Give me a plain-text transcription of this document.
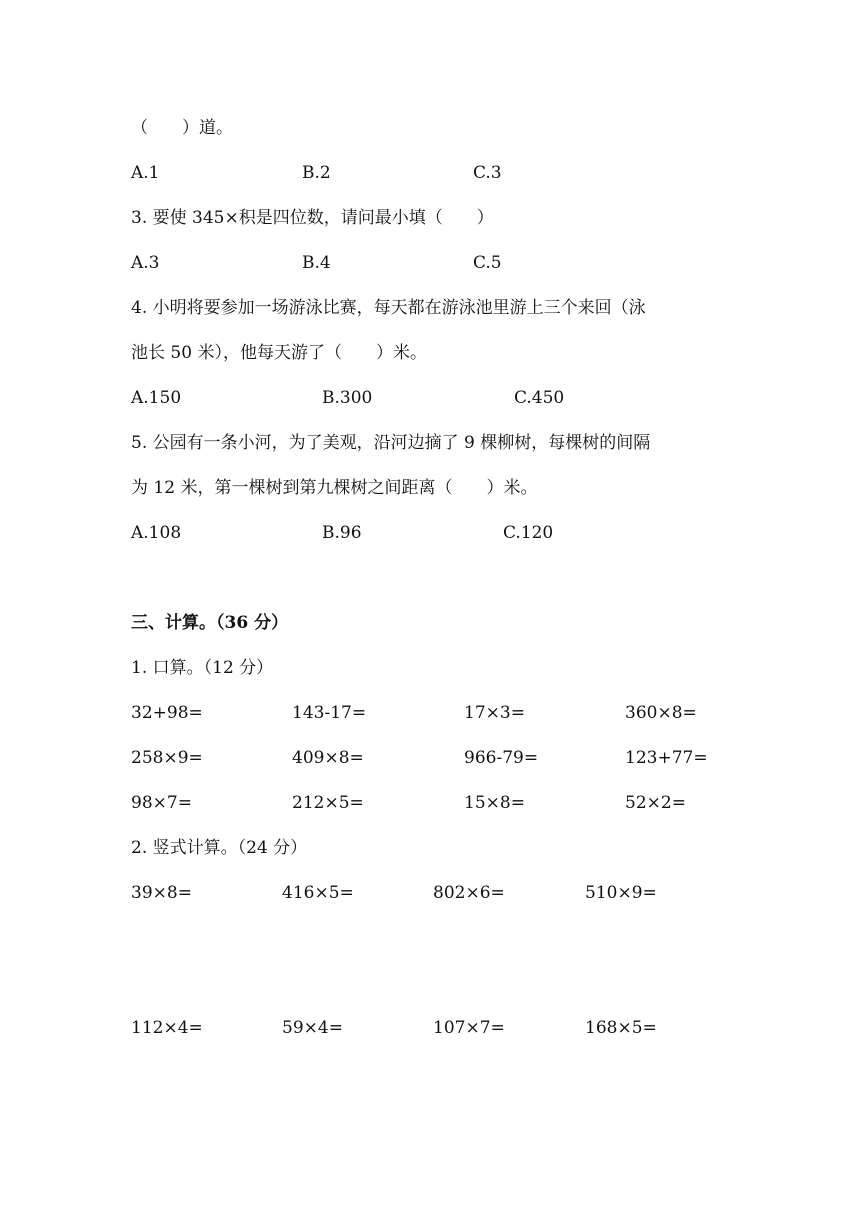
（　　）道。
A.1	B.2	C.3
3. 要使 345×积是四位数，请问最小填（　　）
A.3	B.4	C.5
4. 小明将要参加一场游泳比赛，每天都在游泳池里游上三个来回（泳
池长 50 米），他每天游了（　　）米。
A.150	B.300	C.450
5. 公园有一条小河，为了美观，沿河边摘了 9 棵柳树，每棵树的间隔
为 12 米，第一棵树到第九棵树之间距离（　　）米。
A.108	B.96	C.120
三、计算。（36 分）
1. 口算。（12 分）
32+98=	143-17=	17×3=	360×8=
258×9=	409×8=	966-79=	123+77=
98×7=	212×5=	15×8=	52×2=
2. 竖式计算。（24 分）
39×8=	416×5=	802×6=	510×9=
112×4=	59×4=	107×7=	168×5=
